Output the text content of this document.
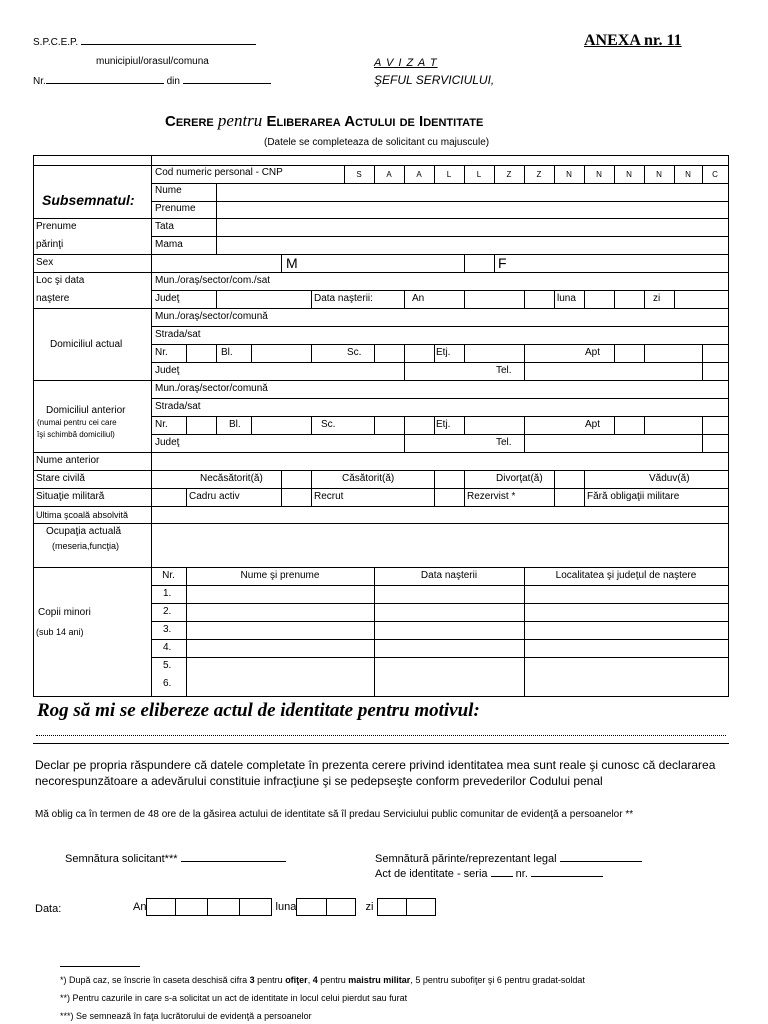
S.P.C.E.P.
municipiul/orasul/comuna
Nr.	din
ANEXA nr. 11
A V I Z A T
ŞEFUL SERVICIULUI,
Cerere pentru Eliberarea Actului de Identitate
(Datele se completeaza de solicitant cu majuscule)
Cod numeric personal - CNP	S	A	A	L	L	Z	Z	N	N	N	N	N	C
Subsemnatul:
Nume
Prenume
Prenume
părinţi
Tata
Mama
Sex	M	F
Loc şi data
naştere
Mun./oraş/sector/com./sat
Judeţ	Data naşterii:	An	luna	zi
Domiciliul actual
Mun./oraş/sector/comună
Strada/sat
Nr.	Bl.	Sc.	Etj.	Apt
Judeţ	Tel.
Domiciliul anterior
(numai pentru cei care
îşi schimbă domiciliul)
Mun./oraş/sector/comună
Strada/sat
Nr.	Bl.	Sc.	Etj.	Apt
Judeţ	Tel.
Nume anterior
Stare civilă	Necăsătorit(ă)	Căsătorit(ă)	Divorţat(ă)	Văduv(ă)
Situaţie militară	Cadru activ	Recrut	Rezervist *	Fără obligaţii militare
Ultima şcoală absolvită
Ocupaţia actuală
(meseria,funcţia)
Copii minori
(sub 14 ani)
Nr.	Nume şi prenume	Data naşterii	Localitatea şi judeţul de naştere
1.
2.
3.
4.
5.
6.
Rog să mi se elibereze actul de identitate pentru motivul:
Declar pe propria răspundere că datele completate în prezenta cerere privind identitatea mea sunt reale şi cunosc că declararea necorespunzătoare a adevărului constituie infracţiune şi se pedepseşte conform prevederilor Codului penal
Mă oblig ca în termen de 48 ore de la găsirea actului de identitate să îl predau Serviciului public comunitar de evidenţă a persoanelor **
Semnătura solicitant***	Semnătură părinte/reprezentant legal
Act de identitate - seria	nr.
Data:	An	luna	zi
*) După caz, se înscrie în caseta deschisă cifra 3 pentru ofiţer, 4 pentru maistru militar, 5 pentru subofiţer şi 6 pentru gradat-soldat
**) Pentru cazurile in care s-a solicitat un act de identitate in locul celui pierdut sau furat
***) Se semnează în faţa lucrătorului de evidenţă a persoanelor
